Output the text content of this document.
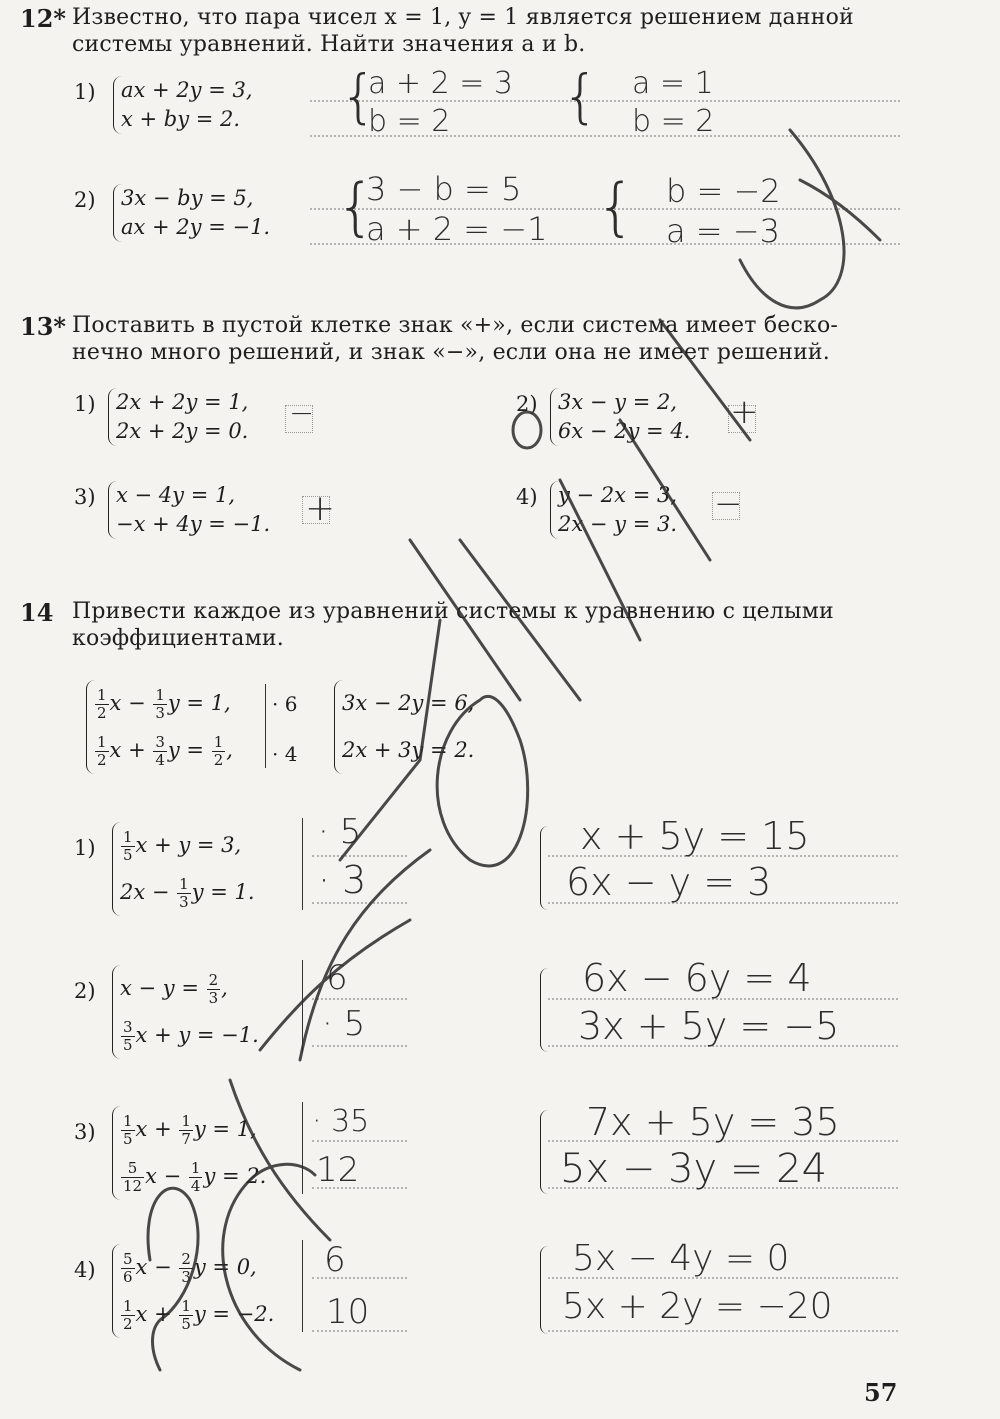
12* Известно, что пара чисел x = 1, y = 1 является решением данной
системы уравнений. Найти значения a и b.
1) ax + 2y = 3,
x + by = 2. {
a + 2 = 3
b = 2 { a = 1
b = 2
2) 3x − by = 5,
ax + 2y = −1. {
3 − b = 5
a + 2 = −1 { b = −2
a = −3
13* Поставить в пустой клетке знак «+», если система имеет беско-
нечно много решений, и знак «−», если она не имеет решений.
1) 2x + 2y = 1,
2x + 2y = 0. −	2) 3x − y = 2,
6x − 2y = 4. +
3) x − 4y = 1,
−x + 4y = −1. +	4) y − 2x = 3,
2x − y = 3. −
14 Привести каждое из уравнений системы к уравнению с целыми
коэффициентами.
$\frac{1}{2}$ $x - \frac{1}{3}$ y = 1,
$\frac{1}{2}$ $x + \frac{3}{4}$ $y = \frac{1}{2}$ ,
· 6
· 4
3x − 2y = 6,
2x + 3y = 2.
$1) \frac{1}{5}$ x + y = 3,
$2x - \frac{1}{3}$ y = 1.
· 5
· 3
x + 5y = 15
6x − y = 3
2) $x - y = \frac{2}{3}$ ,
$\frac{3}{5}$ x + y = −1.
6
· 5
6x − 6y = 4
3x + 5y = −5
$3) \frac{1}{5}$ $x + \frac{1}{7}$ y = 1,
$\frac{5}{12}$ $x - \frac{1}{4}$ y = 2.
· 35
12
7x + 5y = 35
5x − 3y = 24
$4) \frac{5}{6}$ $x - \frac{2}{3}$ y = 0,
$\frac{1}{2}$ $x + \frac{1}{5}$ y = −2.
6
10
5x − 4y = 0
5x + 2y = −20
57
